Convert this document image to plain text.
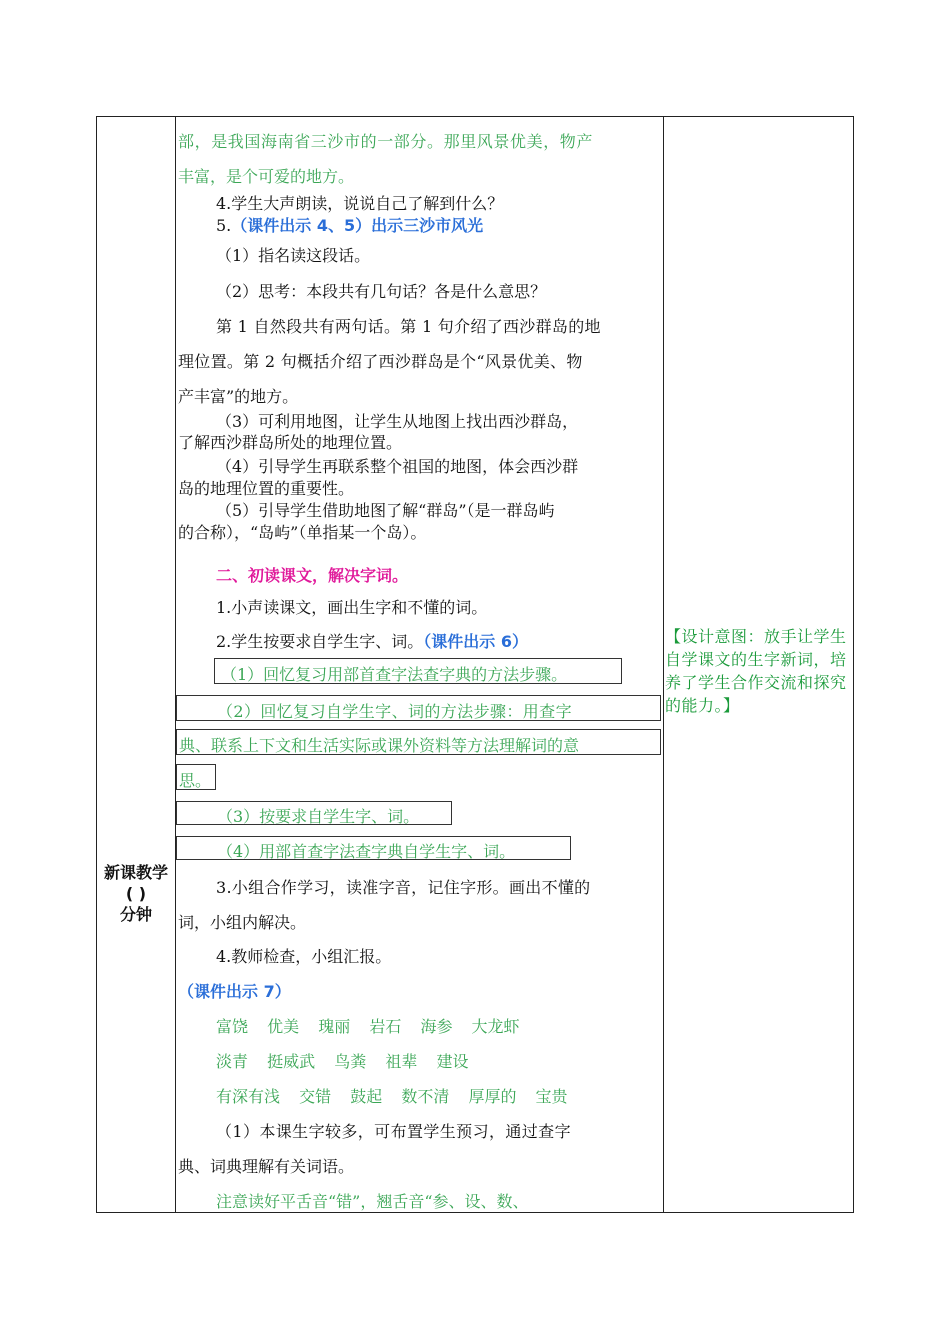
新课教学
( )
分钟
【设计意图：放手让学生自学课文的生字新词，培养了学生合作交流和探究的能力。】
部，是我国海南省三沙市的一部分。那里风景优美，物产
丰富，是个可爱的地方。
4.学生大声朗读，说说自己了解到什么？
5.（课件出示 4、5）出示三沙市风光
（1）指名读这段话。
（2）思考：本段共有几句话？各是什么意思？
第 1 自然段共有两句话。第 1 句介绍了西沙群岛的地
理位置。第 2 句概括介绍了西沙群岛是个“风景优美、物
产丰富”的地方。
（3）可利用地图，让学生从地图上找出西沙群岛，
了解西沙群岛所处的地理位置。
（4）引导学生再联系整个祖国的地图，体会西沙群
岛的地理位置的重要性。
（5）引导学生借助地图了解“群岛”（是一群岛屿
的合称），“岛屿”（单指某一个岛）。
二、初读课文，解决字词。
1.小声读课文，画出生字和不懂的词。
2.学生按要求自学生字、词。（课件出示 6）
（1）回忆复习用部首查字法查字典的方法步骤。
（2）回忆复习自学生字、词的方法步骤：用查字
典、联系上下文和生活实际或课外资料等方法理解词的意
思。
（3）按要求自学生字、词。
（4）用部首查字法查字典自学生字、词。
3.小组合作学习，读准字音，记住字形。画出不懂的
词，小组内解决。
4.教师检查，小组汇报。
（课件出示 7）
富饶 优美 瑰丽 岩石 海参 大龙虾
淡青 挺威武 鸟粪 祖辈 建设
有深有浅 交错 鼓起 数不清 厚厚的 宝贵
（1）本课生字较多，可布置学生预习，通过查字
典、词典理解有关词语。
注意读好平舌音“错”，翘舌音“参、设、数、
